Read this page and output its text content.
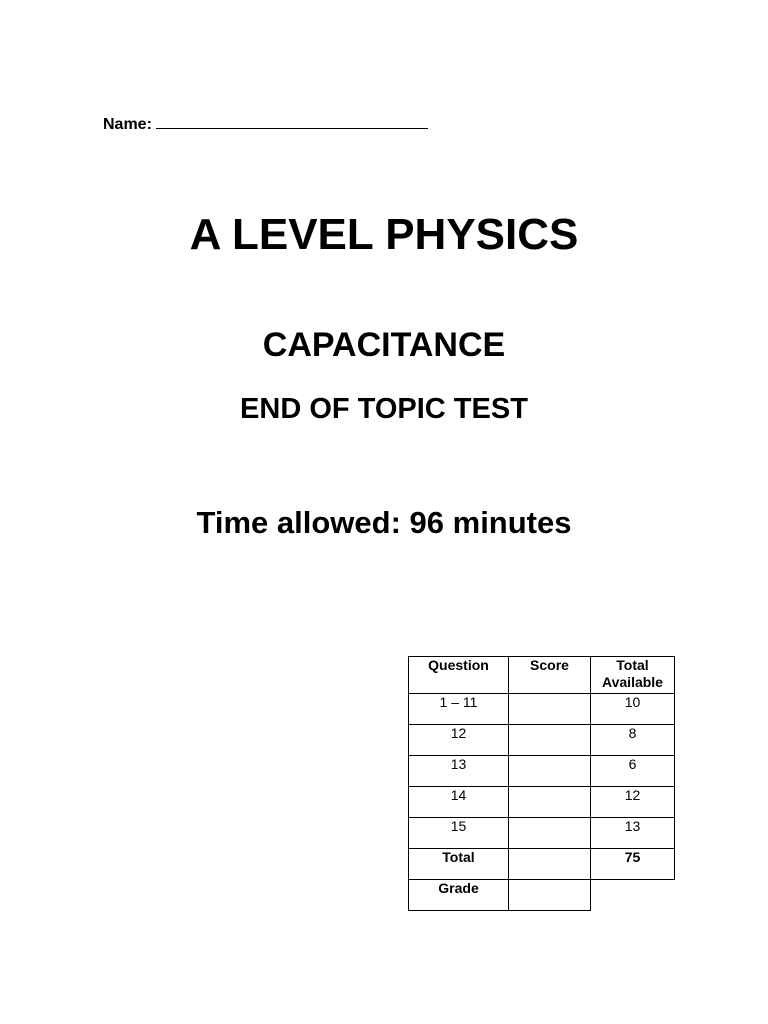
Name:
A LEVEL PHYSICS
CAPACITANCE
END OF TOPIC TEST
Time allowed: 96 minutes
Question	Score	Total Available
1 – 11		10
12		8
13		6
14		12
15		13
Total		75
Grade		
